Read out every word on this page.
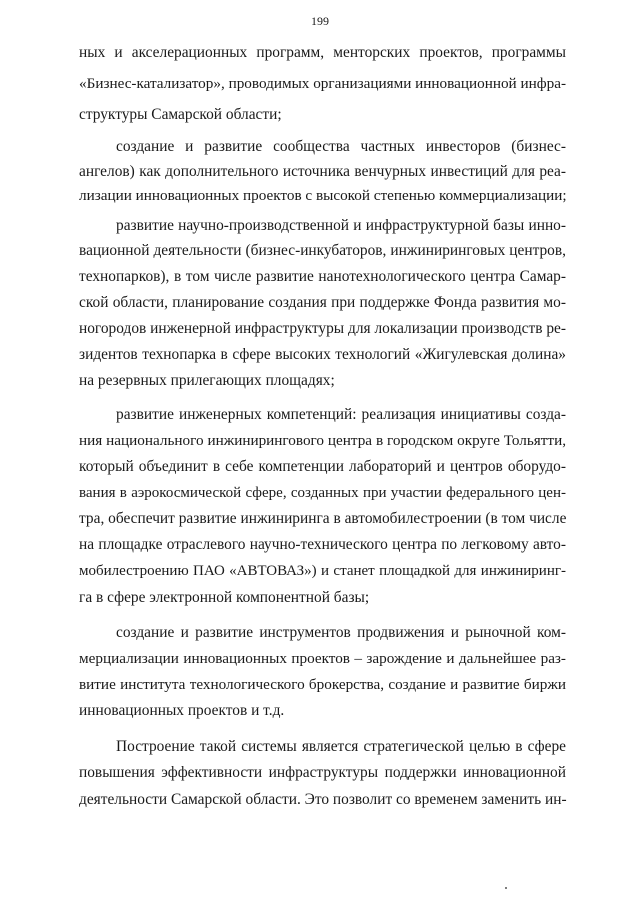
199
ных и акселерационных программ, менторских проектов, программы
«Бизнес-катализатор», проводимых организациями инновационной инфра-
структуры Самарской области;
создание и развитие сообщества частных инвесторов (бизнес-
ангелов) как дополнительного источника венчурных инвестиций для реа-
лизации инновационных проектов с высокой степенью коммерциализации;
развитие научно-производственной и инфраструктурной базы инно-
вационной деятельности (бизнес-инкубаторов, инжиниринговых центров,
технопарков), в том числе развитие нанотехнологического центра Самар-
ской области, планирование создания при поддержке Фонда развития мо-
ногородов инженерной инфраструктуры для локализации производств ре-
зидентов технопарка в сфере высоких технологий «Жигулевская долина»
на резервных прилегающих площадях;
развитие инженерных компетенций: реализация инициативы созда-
ния национального инжинирингового центра в городском округе Тольятти,
который объединит в себе компетенции лабораторий и центров оборудо-
вания в аэрокосмической сфере, созданных при участии федерального цен-
тра, обеспечит развитие инжиниринга в автомобилестроении (в том числе
на площадке отраслевого научно-технического центра по легковому авто-
мобилестроению ПАО «АВТОВАЗ») и станет площадкой для инжиниринг-
га в сфере электронной компонентной базы;
создание и развитие инструментов продвижения и рыночной ком-
мерциализации инновационных проектов – зарождение и дальнейшее раз-
витие института технологического брокерства, создание и развитие биржи
инновационных проектов и т.д.
Построение такой системы является стратегической целью в сфере
повышения эффективности инфраструктуры поддержки инновационной
деятельности Самарской области. Это позволит со временем заменить ин-
